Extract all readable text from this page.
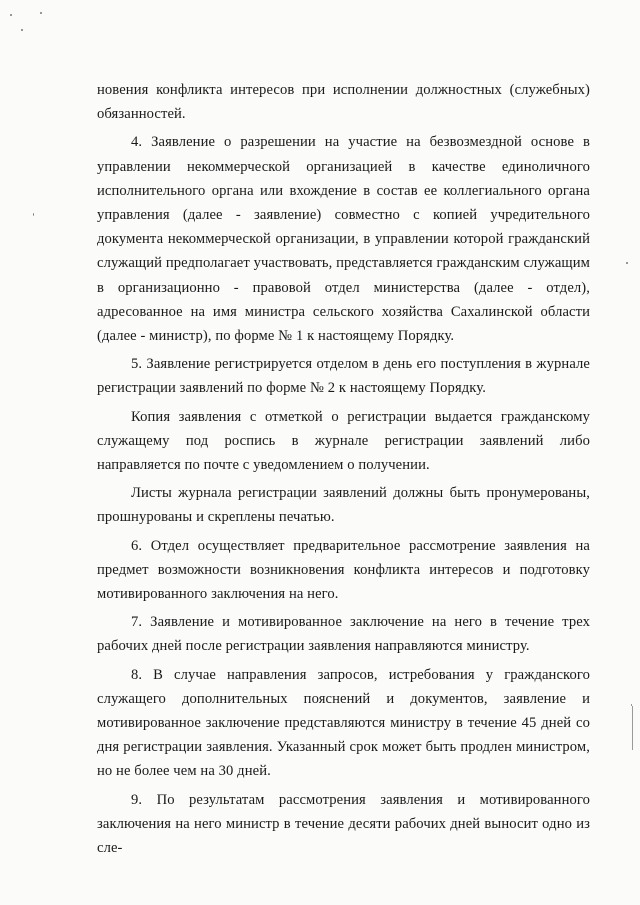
новения конфликта интересов при исполнении должностных (служебных) обязанностей.

4. Заявление о разрешении на участие на безвозмездной основе в управлении некоммерческой организацией в качестве единоличного исполнительного органа или вхождение в состав ее коллегиального органа управления (далее - заявление) совместно с копией учредительного документа некоммерческой организации, в управлении которой гражданский служащий предполагает участвовать, представляется гражданским служащим в организационно - правовой отдел министерства (далее - отдел), адресованное на имя министра сельского хозяйства Сахалинской области (далее - министр), по форме № 1 к настоящему Порядку.

5. Заявление регистрируется отделом в день его поступления в журнале регистрации заявлений по форме № 2 к настоящему Порядку.

Копия заявления с отметкой о регистрации выдается гражданскому служащему под роспись в журнале регистрации заявлений либо направляется по почте с уведомлением о получении.

Листы журнала регистрации заявлений должны быть пронумерованы, прошнурованы и скреплены печатью.

6. Отдел осуществляет предварительное рассмотрение заявления на предмет возможности возникновения конфликта интересов и подготовку мотивированного заключения на него.

7. Заявление и мотивированное заключение на него в течение трех рабочих дней после регистрации заявления направляются министру.

8. В случае направления запросов, истребования у гражданского служащего дополнительных пояснений и документов, заявление и мотивированное заключение представляются министру в течение 45 дней со дня регистрации заявления. Указанный срок может быть продлен министром, но не более чем на 30 дней.

9. По результатам рассмотрения заявления и мотивированного заключения на него министр в течение десяти рабочих дней выносит одно из сле-
